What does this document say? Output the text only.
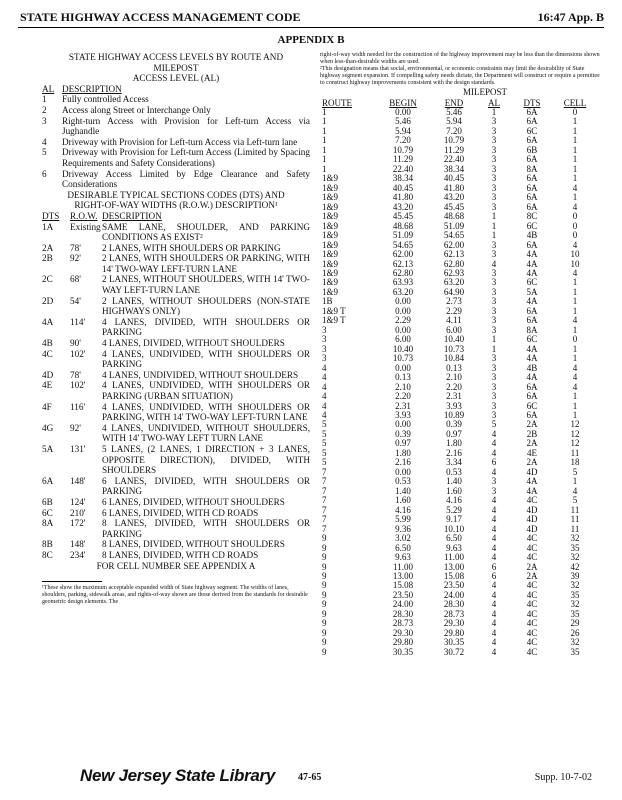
STATE HIGHWAY ACCESS MANAGEMENT CODE	16:47 App. B
APPENDIX B
STATE HIGHWAY ACCESS LEVELS BY ROUTE AND
MILEPOST
ACCESS LEVEL (AL)
AL DESCRIPTION
1	Fully controlled Access
2	Access along Street or Interchange Only
3	Right-turn Access with Provision for Left-turn Access via Jughandle
4	Driveway with Provision for Left-turn Access via Left-turn lane
5	Driveway with Provision for Left-turn Access (Limited by Spacing Requirements and Safety Considerations)
6	Driveway Access Limited by Edge Clearance and Safety Considerations
DESIRABLE TYPICAL SECTIONS CODES (DTS) AND
RIGHT-OF-WAY WIDTHS (R.O.W.) DESCRIPTION¹
DTS	R.O.W. DESCRIPTION
1A	Existing SAME LANE, SHOULDER, AND PARKING CONDITIONS AS EXIST²
2A	78'	2 LANES, WITH SHOULDERS OR PARKING
2B	92'	2 LANES, WITH SHOULDERS OR PARKING, WITH 14' TWO-WAY LEFT-TURN LANE
2C	68'	2 LANES, WITHOUT SHOULDERS, WITH 14' TWO-WAY LEFT-TURN LANE
2D	54'	2 LANES, WITHOUT SHOULDERS (NON-STATE HIGHWAYS ONLY)
4A	114'	4 LANES, DIVIDED, WITH SHOULDERS OR PARKING
4B	90'	4 LANES, DIVIDED, WITHOUT SHOULDERS
4C	102'	4 LANES, UNDIVIDED, WITH SHOULDERS OR PARKING
4D	78'	4 LANES, UNDIVIDED, WITHOUT SHOULDERS
4E	102'	4 LANES, UNDIVIDED, WITH SHOULDERS OR PARKING (URBAN SITUATION)
4F	116'	4 LANES, UNDIVIDED, WITH SHOULDERS OR PARKING, WITH 14' TWO-WAY LEFT-TURN LANE
4G	92'	4 LANES, UNDIVIDED, WITHOUT SHOULDERS, WITH 14' TWO-WAY LEFT TURN LANE
5A	131'	5 LANES, (2 LANES, 1 DIRECTION + 3 LANES, OPPOSITE DIRECTION), DIVIDED, WITH SHOULDERS
6A	148'	6 LANES, DIVIDED, WITH SHOULDERS OR PARKING
6B	124'	6 LANES, DIVIDED, WITHOUT SHOULDERS
6C	210'	6 LANES, DIVIDED, WITH CD ROADS
8A	172'	8 LANES, DIVIDED, WITH SHOULDERS OR PARKING
8B	148'	8 LANES, DIVIDED, WITHOUT SHOULDERS
8C	234'	8 LANES, DIVIDED, WITH CD ROADS
FOR CELL NUMBER SEE APPENDIX A
¹These show the maximum acceptable expanded width of State highway segment. The widths of lanes, shoulders, parking, sidewalk areas, and rights-of-way shown are those derived from the standards for desirable geometric design elements. The
right-of-way width needed for the construction of the highway improvement may be less than the dimensions shown when less-than-desirable widths are used.
²This designation means that social, environmental, or economic constraints may limit the desirability of State highway segment expansion. If compelling safety needs dictate, the Department will construct or require a permittee to construct highway improvements consistent with the design standards.
MILEPOST
ROUTE	BEGIN	END	AL	DTS	CELL
1	0.00	5.46	1	6A	0
1	5.46	5.94	3	6A	1
1	5.94	7.20	3	6C	1
1	7.20	10.79	3	6A	1
1	10.79	11.29	3	6B	1
1	11.29	22.40	3	6A	1
1	22.40	38.34	3	8A	1
1&9	38.34	40.45	3	6A	1
1&9	40.45	41.80	3	6A	4
1&9	41.80	43.20	3	6A	1
1&9	43.20	45.45	3	6A	4
1&9	45.45	48.68	1	8C	0
1&9	48.68	51.09	1	6C	0
1&9	51.09	54.65	1	4B	0
1&9	54.65	62.00	3	6A	4
1&9	62.00	62.13	3	4A	10
1&9	62.13	62.80	4	4A	10
1&9	62.80	62.93	3	4A	4
1&9	63.93	63.20	3	6C	1
1&9	63.20	64.90	3	5A	1
1B	0.00	2.73	3	4A	1
1&9 T	0.00	2.29	3	6A	1
1&9 T	2.29	4.11	3	6A	4
3	0.00	6.00	3	8A	1
3	6.00	10.40	1	6C	0
3	10.40	10.73	1	4A	1
3	10.73	10.84	3	4A	1
4	0.00	0.13	3	4B	4
4	0.13	2.10	3	4A	4
4	2.10	2.20	3	6A	4
4	2.20	2.31	3	6A	1
4	2.31	3.93	3	6C	1
4	3.93	10.89	3	6A	1
5	0.00	0.39	5	2A	12
5	0.39	0.97	4	2B	12
5	0.97	1.80	4	2A	12
5	1.80	2.16	4	4E	11
5	2.16	3.34	6	2A	18
7	0.00	0.53	4	4D	5
7	0.53	1.40	3	4A	1
7	1.40	1.60	3	4A	4
7	1.60	4.16	4	4C	5
7	4.16	5.29	4	4D	11
7	5.99	9.17	4	4D	11
7	9.36	10.10	4	4D	11
9	3.02	6.50	4	4C	32
9	6.50	9.63	4	4C	35
9	9.63	11.00	4	4C	32
9	11.00	13.00	6	2A	42
9	13.00	15.08	6	2A	39
9	15.08	23.50	4	4C	32
9	23.50	24.00	4	4C	35
9	24.00	28.30	4	4C	32
9	28.30	28.73	4	4C	35
9	28.73	29.30	4	4C	29
9	29.30	29.80	4	4C	26
9	29.80	30.35	4	4C	32
9	30.35	30.72	4	4C	35
New Jersey State Library 47-65	Supp. 10-7-02
